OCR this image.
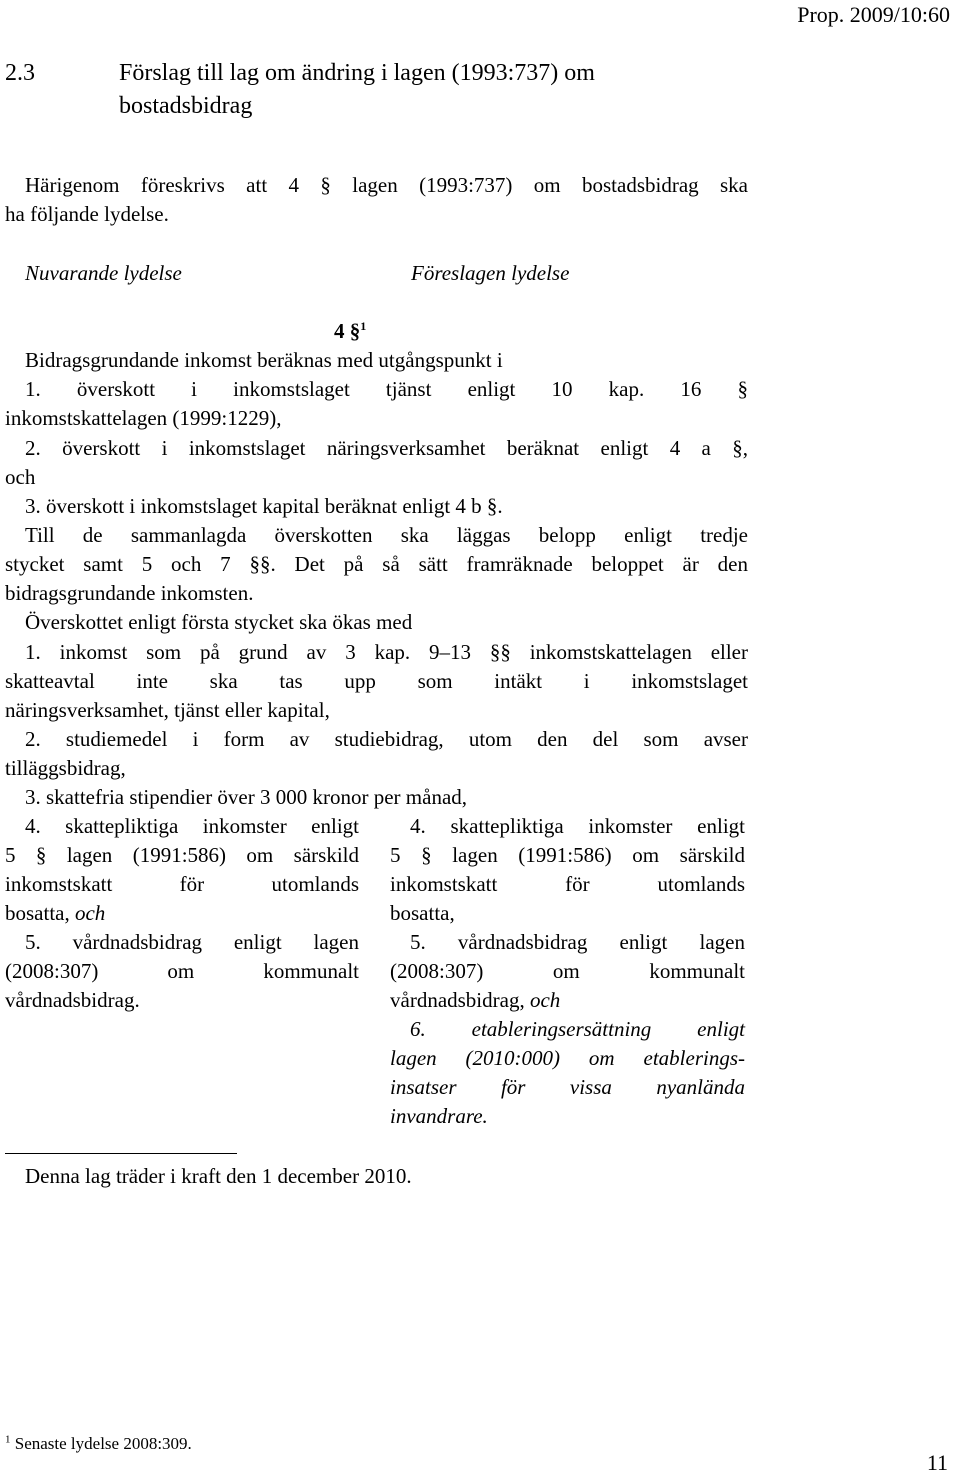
Prop. 2009/10:60
2.3	Förslag till lag om ändring i lagen (1993:737) om
bostadsbidrag
Härigenom föreskrivs att 4 § lagen (1993:737) om bostadsbidrag ska
ha följande lydelse.
Nuvarande lydelse	Föreslagen lydelse
4 §$^1$
Bidragsgrundande inkomst beräknas med utgångspunkt i
1. överskott i inkomstslaget tjänst enligt 10 kap. 16 §
inkomstskattelagen (1999:1229),
2. överskott i inkomstslaget näringsverksamhet beräknat enligt 4 a §,
och
3. överskott i inkomstslaget kapital beräknat enligt 4 b §.
Till de sammanlagda överskotten ska läggas belopp enligt tredje
stycket samt 5 och 7 §§. Det på så sätt framräknade beloppet är den
bidragsgrundande inkomsten.
Överskottet enligt första stycket ska ökas med
1. inkomst som på grund av 3 kap. 9–13 §§ inkomstskattelagen eller
skatteavtal inte ska tas upp som intäkt i inkomstslaget
näringsverksamhet, tjänst eller kapital,
2. studiemedel i form av studiebidrag, utom den del som avser
tilläggsbidrag,
3. skattefria stipendier över 3 000 kronor per månad,
4. skattepliktiga inkomster enligt
5 § lagen (1991:586) om särskild
inkomstskatt för utomlands
bosatta, och
5. vårdnadsbidrag enligt lagen
(2008:307) om kommunalt
vårdnadsbidrag.
4. skattepliktiga inkomster enligt
5 § lagen (1991:586) om särskild
inkomstskatt för utomlands
bosatta,
5. vårdnadsbidrag enligt lagen
(2008:307) om kommunalt
vårdnadsbidrag, och
6. etableringsersättning enligt
lagen (2010:000) om etablerings-
insatser för vissa nyanlända
invandrare.
Denna lag träder i kraft den 1 december 2010.
$^1$ Senaste lydelse 2008:309.
11
